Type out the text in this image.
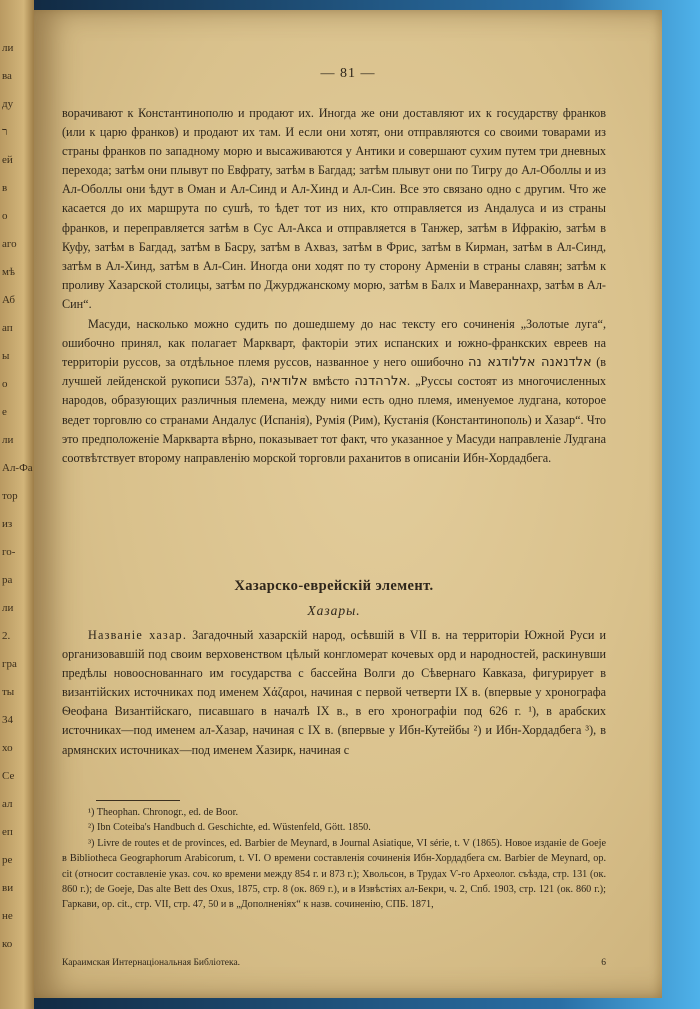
ли
ва
ду
ר
ей
в
о
аго
мѣ
Аб
ап
ы
о
е
ли
Ал-Фа
тор
из
го-
ра
ли
2.
гра
ты
34
хо
Се
ал
еп
ре
ви
не
ко
— 81 —

ворачивают к Константинополю и продают их. Иногда же они доставляют их к государству франков (или к царю франков) и продают их там. И если они хотят, они отправляются со своими товарами из страны франков по западному морю и высаживаются у Антики и совершают сухим путем три дневных перехода; затѣм они плывут по Евфрату, затѣм в Багдад; затѣм плывут они по Тигру до Ал-Оболлы и из Ал-Оболлы они ѣдут в Оман и Ал-Синд и Ал-Хинд и Ал-Син. Все это связано одно с другим. Что же касается до их маршрута по сушѣ, то ѣдет тот из них, кто отправляется из Андалуса и из страны франков, и переправляется затѣм в Сус Ал-Акса и отправляется в Танжер, затѣм в Ифракію, затѣм в Куфу, затѣм в Багдад, затѣм в Басру, затѣм в Ахваз, затѣм в Фрис, затѣм в Кирман, затѣм в Ал-Синд, затѣм в Ал-Хинд, затѣм в Ал-Син. Иногда они ходят по ту сторону Арменіи в страны славян; затѣм к проливу Хазарской столицы, затѣм по Джурджанскому морю, затѣм в Балх и Мавераннахр, затѣм в Ал-Син“.

Масуди, насколько можно судить по дошедшему до нас тексту его сочиненія „Золотые луга“, ошибочно принял, как полагает Маркварт, факторіи этих испанских и южно-франкских евреев на территоріи руссов, за отдѣльное племя руссов, названное у него ошибочно אלדנאנה אללודגא נה (в лучшей лейденской рукописи 537а), אלודאיה вмѣсто אלרהדנה. „Руссы состоят из многочисленных народов, образующих различныя племена, между ними есть одно племя, именуемое лудгана, которое ведет торговлю со странами Андалус (Испанія), Румія (Рим), Кустанія (Константинополь) и Хазар“. Что это предположеніе Маркварта вѣрно, показывает тот факт, что указанное у Масуди направленіе Лудгана соотвѣтствует второму направленію морской торговли раханитов в описаніи Ибн-Хордадбега.

Хазарско-еврейскій элемент.
Хазары.

Названіе хазар. Загадочный хазарскій народ, осѣвшій в VII в. на территоріи Южной Руси и организовавшій под своим верховенством цѣлый конгломерат кочевых орд и народностей, раскинувши предѣлы новооснованнаго им государства с бассейна Волги до Сѣвернаго Кавказа, фигурирует в византійских источниках под именем Χάζαροι, начиная с первой четверти IX в. (впервые у хронографа Ѳеофана Византійскаго, писавшаго в началѣ IX в., в его хронографіи под 626 г. ¹), в арабских источниках—под именем ал-Хазар, начиная с IX в. (впервые у Ибн-Кутейбы ²) и Ибн-Хордадбега ³), в армянских источниках—под именем Хазирк, начиная с

¹) Theophan. Chronogr., ed. de Boor.

²) Ibn Coteiba's Handbuch d. Geschichte, ed. Wüstenfeld, Gött. 1850.

³) Livre de routes et de provinces, ed. Barbier de Meynard, в Journal Asiatique, VI série, t. V (1865). Новое изданіе de Goeje в Bibliotheca Geographorum Arabicorum, t. VI. О времени составленія сочиненія Ибн-Хордадбега см. Barbier de Meynard, op. cit (относит составленіе указ. соч. ко времени между 854 г. и 873 г.); Хвольсон, в Трудах Ѵ-го Археолог. съѣзда, стр. 131 (ок. 860 г.); de Goeje, Das alte Bett des Oxus, 1875, стр. 8 (ок. 869 г.), и в Извѣстіях ал-Бекри, ч. 2, Спб. 1903, стр. 121 (ок. 860 г.); Гаркави, op. cit., стр. VII, стр. 47, 50 и в „Дополненіях“ к назв. сочиненію, СПБ. 1871,

Караимская Интернаціональная Библіотека.	6
